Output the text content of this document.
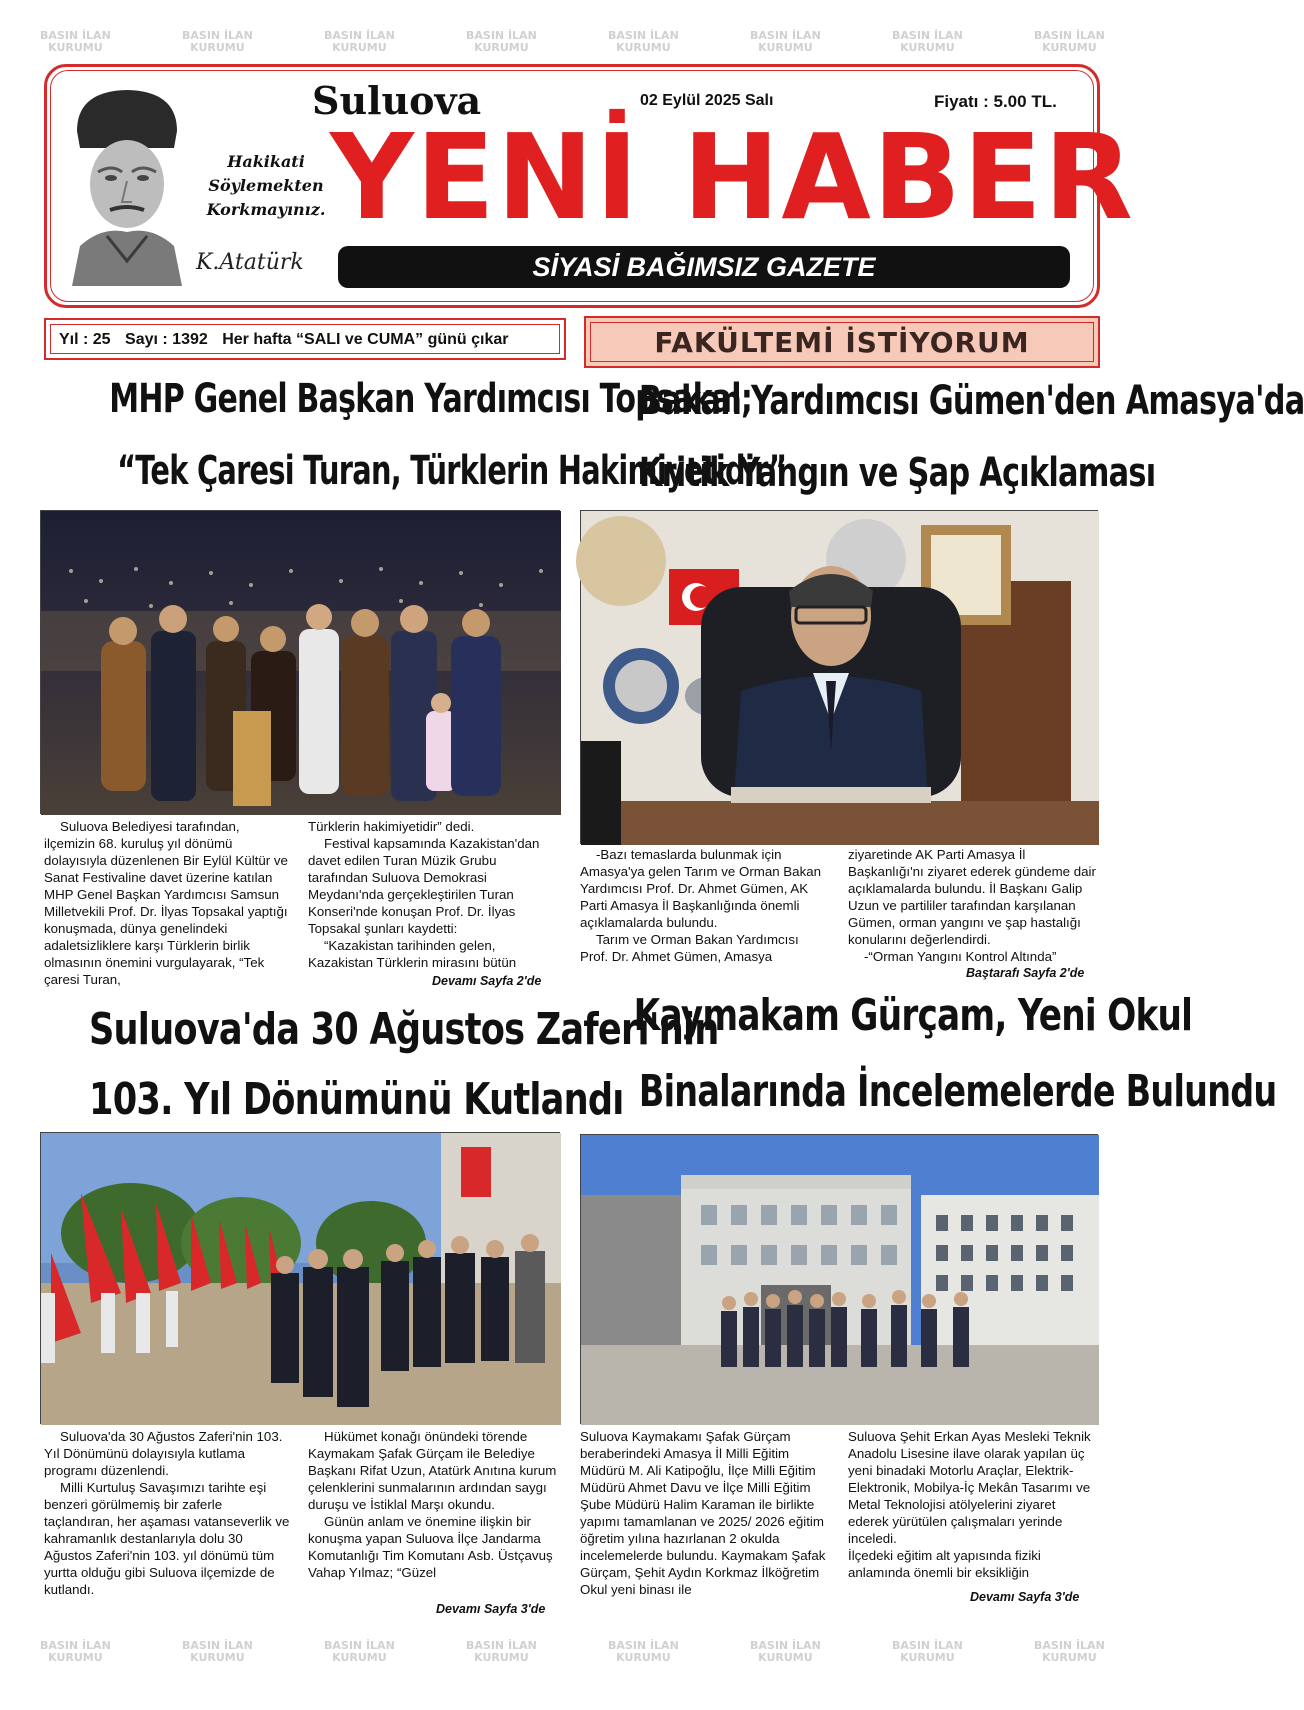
BASIN İLAN
KURUMU
BASIN İLAN
KURUMU
BASIN İLAN
KURUMU
BASIN İLAN
KURUMU
BASIN İLAN
KURUMU
BASIN İLAN
KURUMU
BASIN İLAN
KURUMU
BASIN İLAN
KURUMU
BASIN İLAN
KURUMU
BASIN İLAN
KURUMU
BASIN İLAN
KURUMU
BASIN İLAN
KURUMU
BASIN İLAN
KURUMU
BASIN İLAN
KURUMU
BASIN İLAN
KURUMU
BASIN İLAN
KURUMU
Hakikati
Söylemekten
Korkmayınız.
K.Atatürk
Suluova	02 Eylül 2025 Salı	Fiyatı : 5.00 TL.
YENİ HABER
SİYASİ BAĞIMSIZ GAZETE
Yıl : 25 Sayı : 1392 Her hafta “SALI ve CUMA” günü çıkar	FAKÜLTEMİ İSTİYORUM
MHP Genel Başkan Yardımcısı Topsakal;
“Tek Çaresi Turan, Türklerin Hakimiyetidir”

Suluova Belediyesi tarafından, ilçemizin 68. kuruluş yıl dönümü dolayısıyla düzenlenen Bir Eylül Kültür ve Sanat Festivaline davet üzerine katılan MHP Genel Başkan Yardımcısı Samsun Milletvekili Prof. Dr. İlyas Topsakal yaptığı konuşmada, dünya genelindeki adaletsizliklere karşı Türklerin birlik olmasının önemini vurgulayarak, “Tek çaresi Turan,

Türklerin hakimiyetidir” dedi.

Festival kapsamında Kazakistan'dan davet edilen Turan Müzik Grubu tarafından Suluova Demokrasi Meydanı'nda gerçekleştirilen Turan Konseri'nde konuşan Prof. Dr. İlyas Topsakal şunları kaydetti:

“Kazakistan tarihinden gelen, Kazakistan Türklerin mirasını bütün

Devamı Sayfa 2'de
Bakan Yardımcısı Gümen'den Amasya'da
Kritik Yangın ve Şap Açıklaması

-Bazı temaslarda bulunmak için Amasya'ya gelen Tarım ve Orman Bakan Yardımcısı Prof. Dr. Ahmet Gümen, AK Parti Amasya İl Başkanlığında önemli açıklamalarda bulundu.

Tarım ve Orman Bakan Yardımcısı Prof. Dr. Ahmet Gümen, Amasya

ziyaretinde AK Parti Amasya İl Başkanlığı'nı ziyaret ederek gündeme dair açıklamalarda bulundu. İl Başkanı Galip Uzun ve partililer tarafından karşılanan Gümen, orman yangını ve şap hastalığı konularını değerlendirdi.

-“Orman Yangını Kontrol Altında”

Baştarafı Sayfa 2'de
Suluova'da 30 Ağustos Zaferi'nin
103. Yıl Dönümünü Kutlandı

Suluova'da 30 Ağustos Zaferi'nin 103. Yıl Dönümünü dolayısıyla kutlama programı düzenlendi.

Milli Kurtuluş Savaşımızı tarihte eşi benzeri görülmemiş bir zaferle taçlandıran, her aşaması vatanseverlik ve kahramanlık destanlarıyla dolu 30 Ağustos Zaferi'nin 103. yıl dönümü tüm yurtta olduğu gibi Suluova ilçemizde de kutlandı.

Hükümet konağı önündeki törende Kaymakam Şafak Gürçam ile Belediye Başkanı Rifat Uzun, Atatürk Anıtına kurum çelenklerini sunmalarının ardından saygı duruşu ve İstiklal Marşı okundu.

Günün anlam ve önemine ilişkin bir konuşma yapan Suluova İlçe Jandarma Komutanlığı Tim Komutanı Asb. Üstçavuş Vahap Yılmaz; “Güzel

Devamı Sayfa 3'de
Kaymakam Gürçam, Yeni Okul
Binalarında İncelemelerde Bulundu

Suluova Kaymakamı Şafak Gürçam beraberindeki Amasya İl Milli Eğitim Müdürü M. Ali Katipoğlu, İlçe Milli Eğitim Müdürü Ahmet Davu ve İlçe Milli Eğitim Şube Müdürü Halim Karaman ile birlikte yapımı tamamlanan ve 2025/ 2026 eğitim öğretim yılına hazırlanan 2 okulda incelemelerde bulundu. Kaymakam Şafak Gürçam, Şehit Aydın Korkmaz İlköğretim Okul yeni binası ile

Suluova Şehit Erkan Ayas Mesleki Teknik Anadolu Lisesine ilave olarak yapılan üç yeni binadaki Motorlu Araçlar, Elektrik-Elektronik, Mobilya-İç Mekân Tasarımı ve Metal Teknolojisi atölyelerini ziyaret ederek yürütülen çalışmaları yerinde inceledi.

İlçedeki eğitim alt yapısında fiziki anlamında önemli bir eksikliğin

Devamı Sayfa 3'de
